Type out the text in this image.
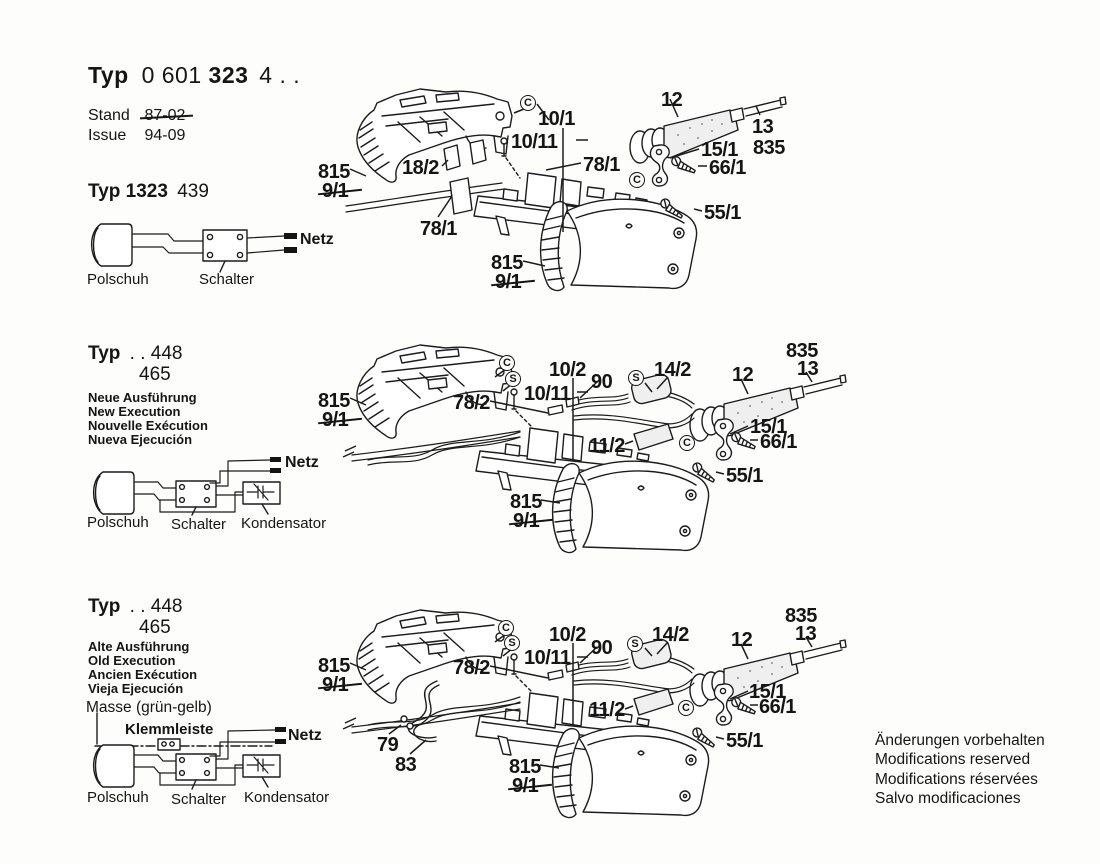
Typ 0 601 323 4 . .
Stand 87-02
Issue 94-09
Typ 1323 439
Polschuh	Schalter
Netz
Typ . . 448
465
Neue Ausführung
New Execution
Nouvelle Exécution
Nueva Ejecución
Polschuh Schalter Kondensator
Netz
Typ . . 448
465
Alte Ausführung
Old Execution
Ancien Exécution
Vieja Ejecución
Masse (grün-gelb)
Klemmleiste
Polschuh Schalter Kondensator
Netz
815
9/1
18/2
78/1
10/1
10/11
78/1
12
13
835
15/1
66/1
55/1
815
9/1
C
C
815
9/1
78/2
10/2
10/11
90
14/2
11/2
12
835
13
15/1
66/1
55/1
815
9/1
C
S	S
C
815
9/1
78/2
10/2
10/11 90
14/2
11/2
79
83
12
835
13
15/1
66/1
55/1
815
9/1
C
S	S
C
Änderungen vorbehalten
Modifications reserved
Modifications réservées
Salvo modificaciones
